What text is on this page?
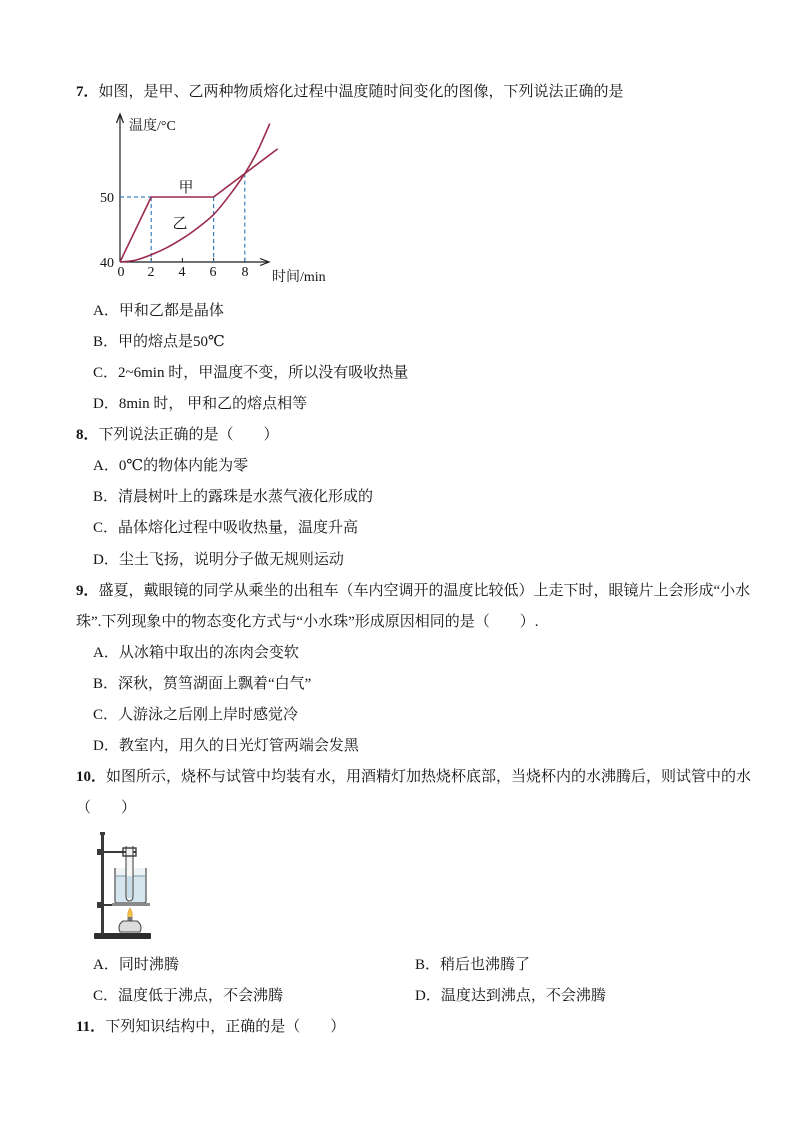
7．如图，是甲、乙两种物质熔化过程中温度随时间变化的图像，下列说法正确的是
温度/°C
50
40
0 2 4 6 8 时间/min
甲
乙
A．甲和乙都是晶体
B．甲的熔点是50℃
C．2~6min 时，甲温度不变，所以没有吸收热量
D．8min 时， 甲和乙的熔点相等
8．下列说法正确的是（　　）
A．0℃的物体内能为零
B．清晨树叶上的露珠是水蒸气液化形成的
C．晶体熔化过程中吸收热量，温度升高
D．尘土飞扬，说明分子做无规则运动
9．盛夏，戴眼镜的同学从乘坐的出租车（车内空调开的温度比较低）上走下时，眼镜片上会形成“小水
珠”.下列现象中的物态变化方式与“小水珠”形成原因相同的是（　　）.
A．从冰箱中取出的冻肉会变软
B．深秋，筼筜湖面上飘着“白气”
C．人游泳之后刚上岸时感觉冷
D．教室内，用久的日光灯管两端会发黑
10．如图所示，烧杯与试管中均装有水，用酒精灯加热烧杯底部，当烧杯内的水沸腾后，则试管中的水
（　　）
A．同时沸腾	B．稍后也沸腾了
C．温度低于沸点，不会沸腾	D．温度达到沸点，不会沸腾
11．下列知识结构中，正确的是（　　）
